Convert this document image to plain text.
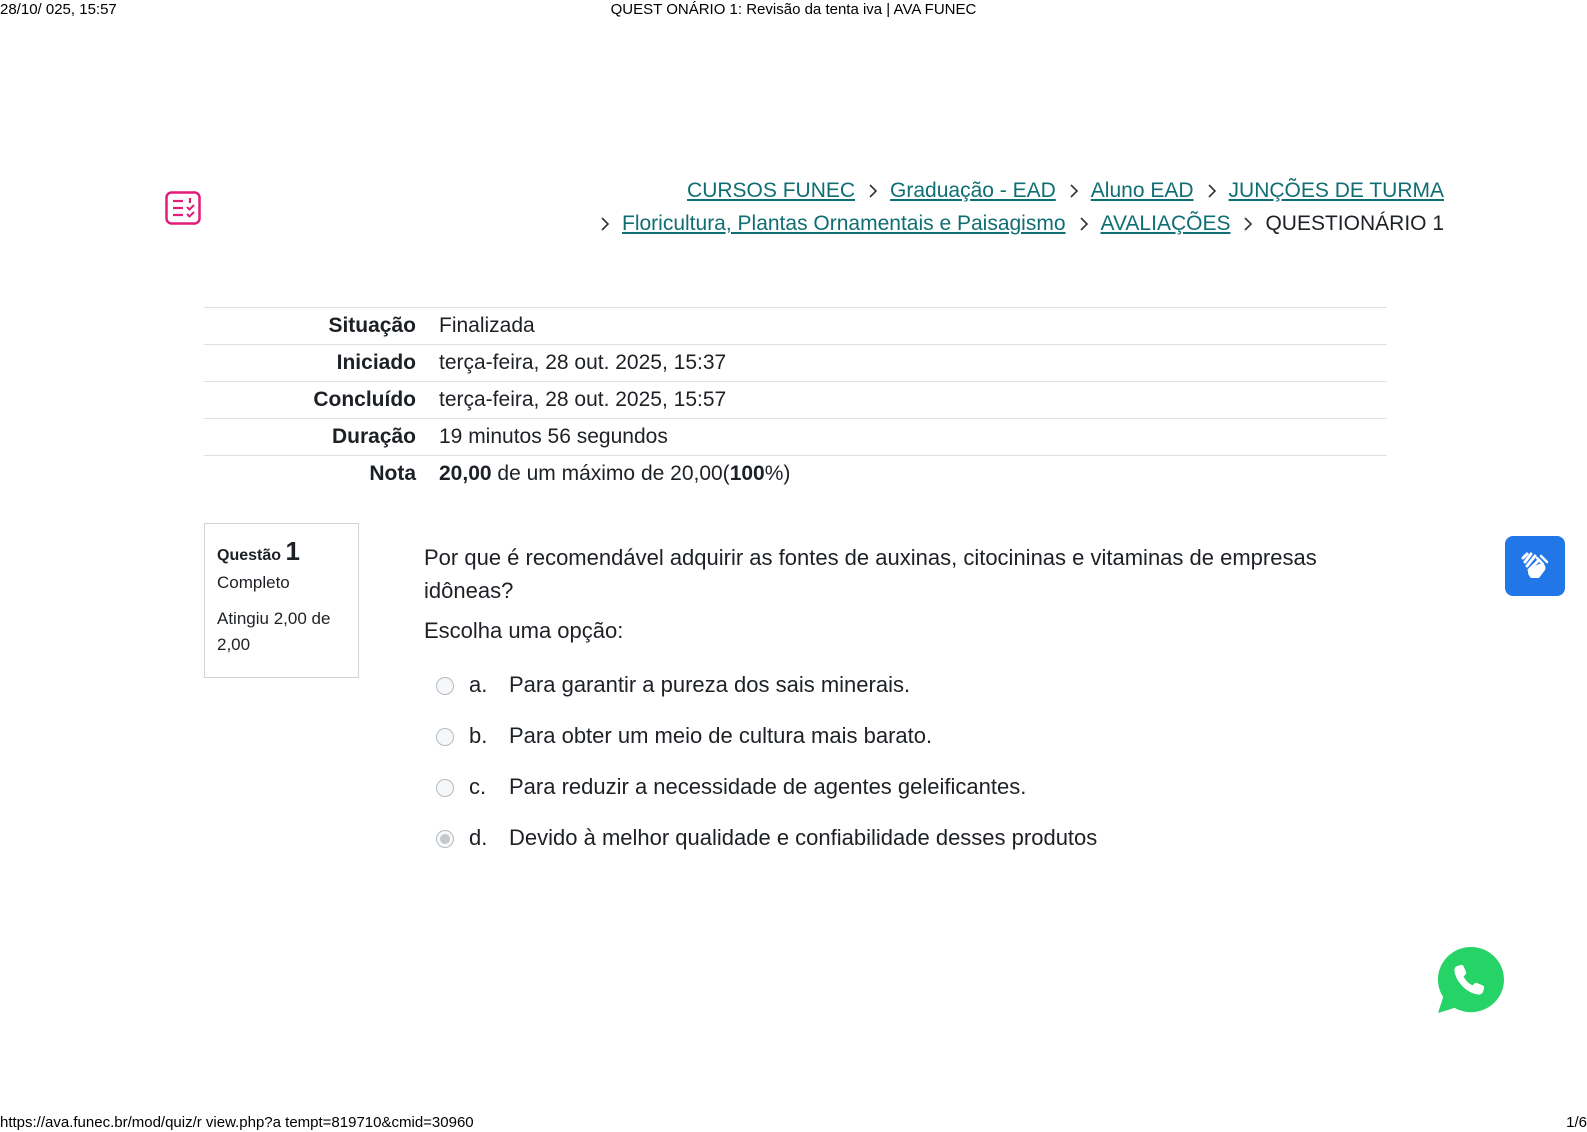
28/10/ 025, 15:57	QUEST ONÁRIO 1: Revisão da tenta iva | AVA FUNEC
https://ava.funec.br/mod/quiz/r view.php?a tempt=819710&cmid=30960	1/6
CURSOS FUNEC Graduação - EAD Aluno EAD JUNÇÕES DE TURMA
Floricultura, Plantas Ornamentais e Paisagismo AVALIAÇÕES QUESTIONÁRIO 1
Situação	Finalizada
Iniciado	terça-feira, 28 out. 2025, 15:37
Concluído	terça-feira, 28 out. 2025, 15:57
Duração	19 minutos 56 segundos
Nota	20,00 de um máximo de 20,00(100%)
Questão 1
Completo
Atingiu 2,00 de 2,00
Por que é recomendável adquirir as fontes de auxinas, citocininas e vitaminas de empresas idôneas?
Escolha uma opção:
a. Para garantir a pureza dos sais minerais.
b. Para obter um meio de cultura mais barato.
c. Para reduzir a necessidade de agentes geleificantes.
d. Devido à melhor qualidade e confiabilidade desses produtos
